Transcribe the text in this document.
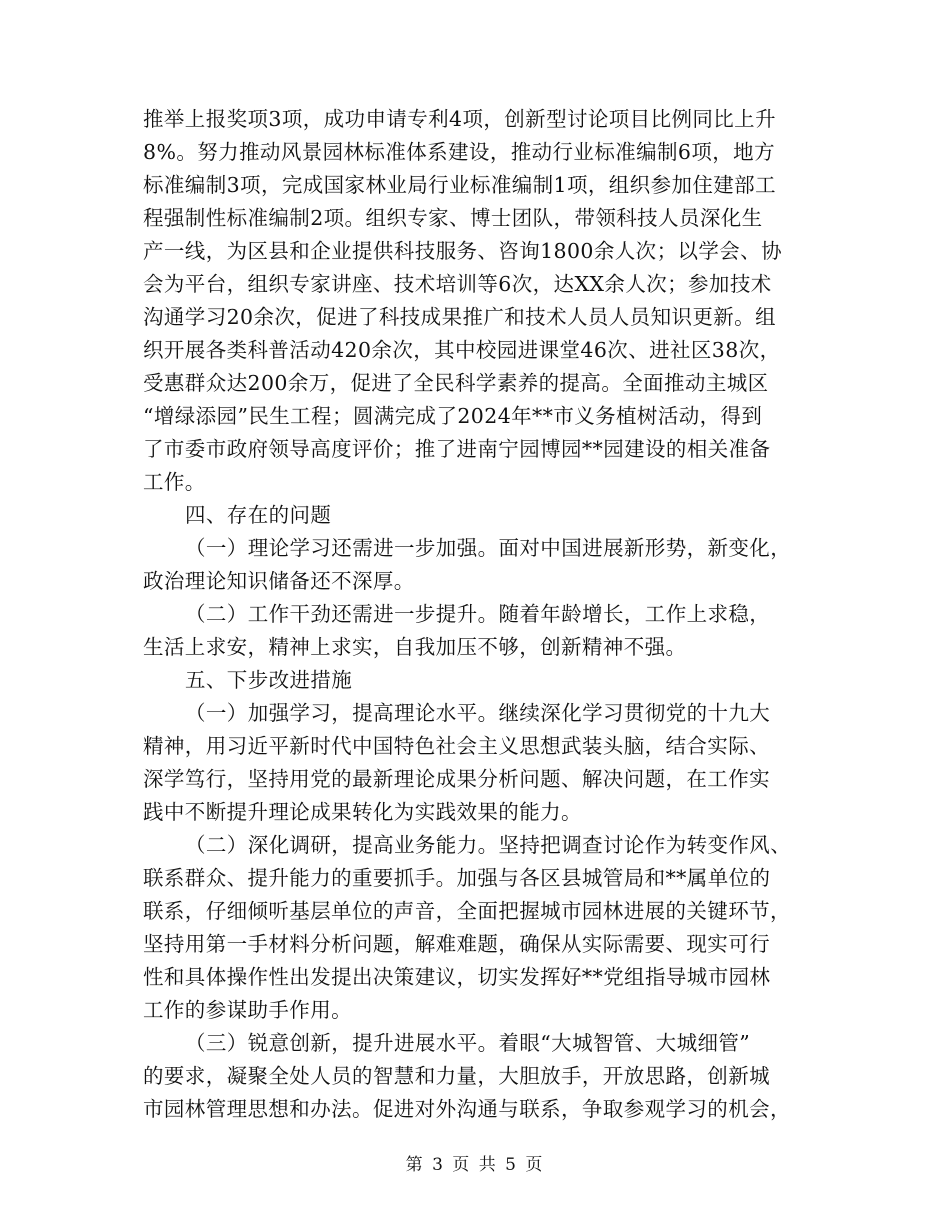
推举上报奖项3项，成功申请专利4项，创新型讨论项目比例同比上升
8%。努力推动风景园林标准体系建设，推动行业标准编制6项，地方
标准编制3项，完成国家林业局行业标准编制1项，组织参加住建部工
程强制性标准编制2项。组织专家、博士团队，带领科技人员深化生
产一线，为区县和企业提供科技服务、咨询1800余人次；以学会、协
会为平台，组织专家讲座、技术培训等6次，达XX余人次；参加技术
沟通学习20余次，促进了科技成果推广和技术人员人员知识更新。组
织开展各类科普活动420余次，其中校园进课堂46次、进社区38次，
受惠群众达200余万，促进了全民科学素养的提高。全面推动主城区
“增绿添园”民生工程；圆满完成了2024年**市义务植树活动，得到
了市委市政府领导高度评价；推了进南宁园博园**园建设的相关准备
工作。
四、存在的问题
（一）理论学习还需进一步加强。面对中国进展新形势，新变化，
政治理论知识储备还不深厚。
（二）工作干劲还需进一步提升。随着年龄增长，工作上求稳，
生活上求安，精神上求实，自我加压不够，创新精神不强。
五、下步改进措施
（一）加强学习，提高理论水平。继续深化学习贯彻党的十九大
精神，用习近平新时代中国特色社会主义思想武装头脑，结合实际、
深学笃行，坚持用党的最新理论成果分析问题、解决问题，在工作实
践中不断提升理论成果转化为实践效果的能力。
（二）深化调研，提高业务能力。坚持把调查讨论作为转变作风、
联系群众、提升能力的重要抓手。加强与各区县城管局和**属单位的
联系，仔细倾听基层单位的声音，全面把握城市园林进展的关键环节，
坚持用第一手材料分析问题，解难难题，确保从实际需要、现实可行
性和具体操作性出发提出决策建议，切实发挥好**党组指导城市园林
工作的参谋助手作用。
（三）锐意创新，提升进展水平。着眼“大城智管、大城细管”
的要求，凝聚全处人员的智慧和力量，大胆放手，开放思路，创新城
市园林管理思想和办法。促进对外沟通与联系，争取参观学习的机会，
第 3 页 共 5 页
